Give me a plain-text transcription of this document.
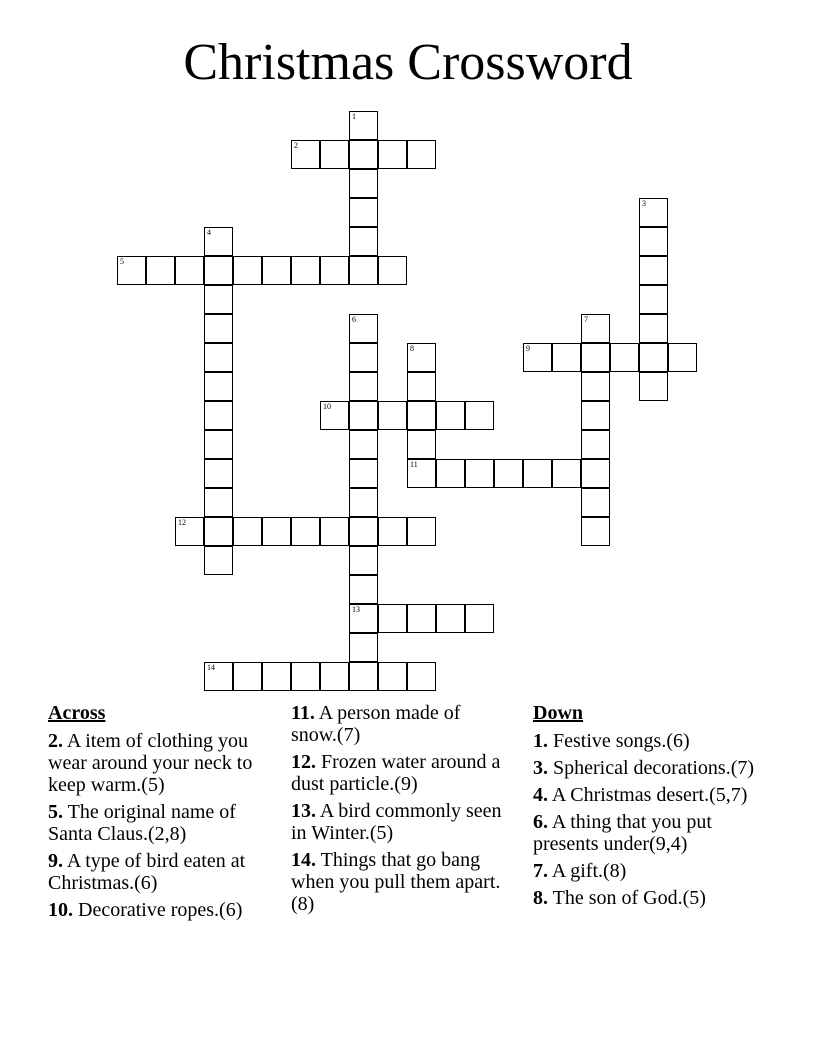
Christmas Crossword
1
2
3
4
5
6
13
7
8
11
9
10
12
14
Across
2. A item of clothing you wear around your neck to keep warm.(5)
5. The original name of Santa Claus.(2,8)
9. A type of bird eaten at Christmas.(6)
10. Decorative ropes.(6)
11. A person made of snow.(7)
12. Frozen water around a dust particle.(9)
13. A bird commonly seen in Winter.(5)
14. Things that go bang when you pull them apart.(8)
Down
1. Festive songs.(6)
3. Spherical decorations.(7)
4. A Christmas desert.(5,7)
6. A thing that you put presents under(9,4)
7. A gift.(8)
8. The son of God.(5)
